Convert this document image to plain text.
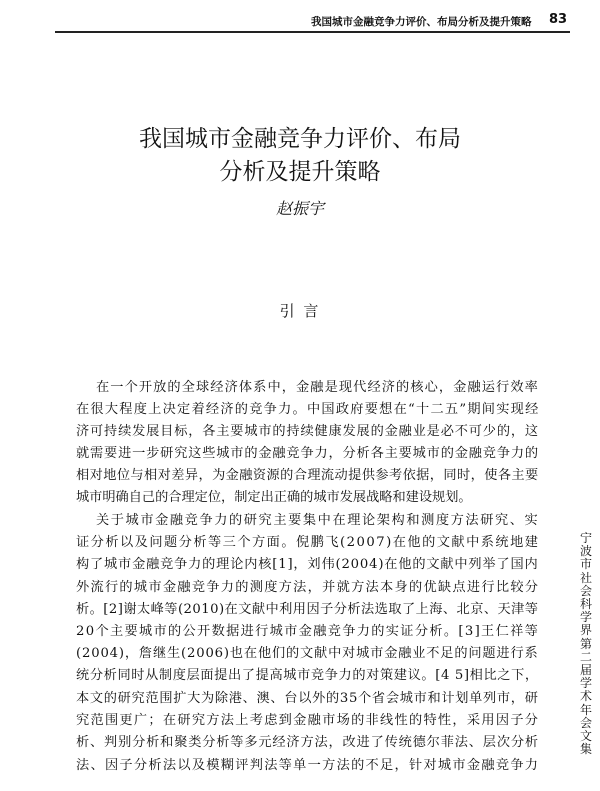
我国城市金融竞争力评价、布局分析及提升策略 83
我国城市金融竞争力评价、布局
分析及提升策略
赵振宇
引 言
在一个开放的全球经济体系中，金融是现代经济的核心，金融运行效率
在很大程度上决定着经济的竞争力。中国政府要想在“十二五”期间实现经
济可持续发展目标，各主要城市的持续健康发展的金融业是必不可少的，这
就需要进一步研究这些城市的金融竞争力，分析各主要城市的金融竞争力的
相对地位与相对差异，为金融资源的合理流动提供参考依据，同时，使各主要
城市明确自己的合理定位，制定出正确的城市发展战略和建设规划。
关于城市金融竞争力的研究主要集中在理论架构和测度方法研究、实
证分析以及问题分析等三个方面。倪鹏飞(2007)在他的文献中系统地建
构了城市金融竞争力的理论内核[1]，刘伟(2004)在他的文献中列举了国内
外流行的城市金融竞争力的测度方法，并就方法本身的优缺点进行比较分
析。[2]谢太峰等(2010)在文献中利用因子分析法选取了上海、北京、天津等
20个主要城市的公开数据进行城市金融竞争力的实证分析。[3]王仁祥等
(2004)，詹继生(2006)也在他们的文献中对城市金融业不足的问题进行系
统分析同时从制度层面提出了提高城市竞争力的对策建议。[4 5]相比之下，
本文的研究范围扩大为除港、澳、台以外的35个省会城市和计划单列市，研
究范围更广；在研究方法上考虑到金融市场的非线性的特性，采用因子分
析、判别分析和聚类分析等多元经济方法，改进了传统德尔菲法、层次分析
法、因子分析法以及模糊评判法等单一方法的不足，针对城市金融竞争力
宁波市社会科学界第二届学术年会文集
